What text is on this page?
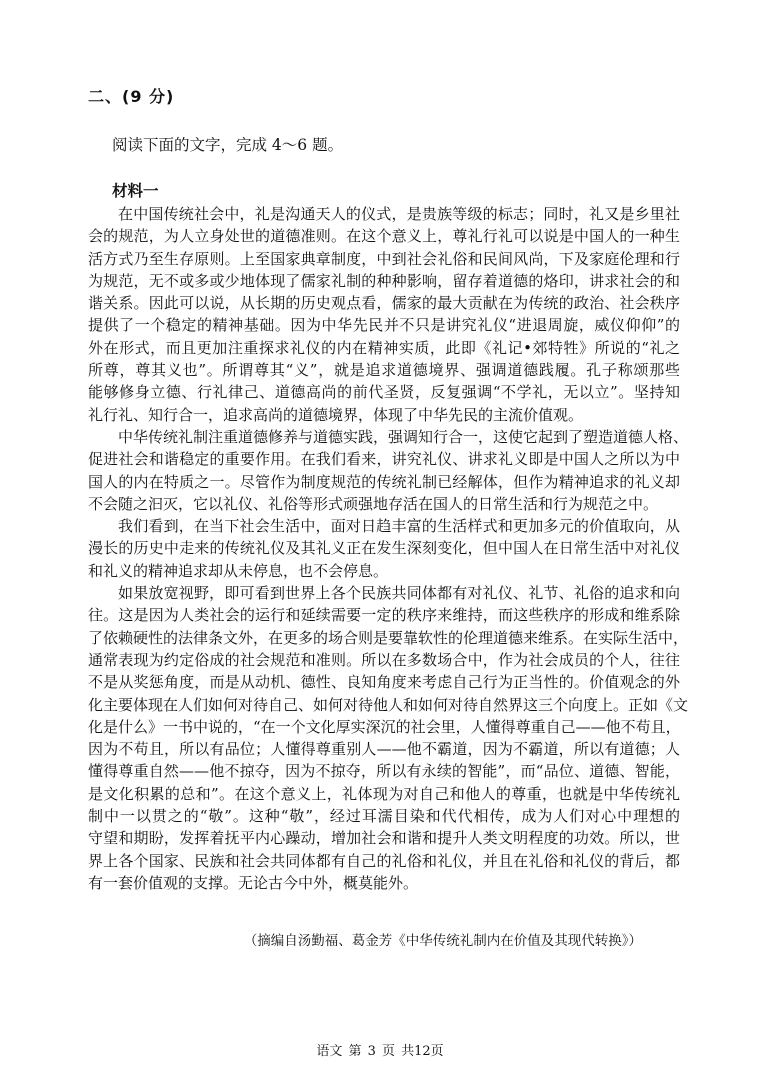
二、(9 分)
阅读下面的文字，完成 4～6 题。
材料一
在中国传统社会中，礼是沟通天人的仪式，是贵族等级的标志；同时，礼又是乡里社
会的规范，为人立身处世的道德准则。在这个意义上，尊礼行礼可以说是中国人的一种生
活方式乃至生存原则。上至国家典章制度，中到社会礼俗和民间风尚，下及家庭伦理和行
为规范，无不或多或少地体现了儒家礼制的种种影响，留存着道德的烙印，讲求社会的和
谐关系。因此可以说，从长期的历史观点看，儒家的最大贡献在为传统的政治、社会秩序
提供了一个稳定的精神基础。因为中华先民并不只是讲究礼仪“进退周旋，威仪仰仰”的
外在形式，而且更加注重探求礼仪的内在精神实质，此即《礼记•郊特牲》所说的“礼之
所尊，尊其义也”。所谓尊其“义”，就是追求道德境界、强调道德践履。孔子称颂那些
能够修身立德、行礼律己、道德高尚的前代圣贤，反复强调“不学礼，无以立”。坚持知
礼行礼、知行合一，追求高尚的道德境界，体现了中华先民的主流价值观。
中华传统礼制注重道德修养与道德实践，强调知行合一，这使它起到了塑造道德人格、
促进社会和谐稳定的重要作用。在我们看来，讲究礼仪、讲求礼义即是中国人之所以为中
国人的内在特质之一。尽管作为制度规范的传统礼制已经解体，但作为精神追求的礼义却
不会随之汩灭，它以礼仪、礼俗等形式顽强地存活在国人的日常生活和行为规范之中。
我们看到，在当下社会生活中，面对日趋丰富的生活样式和更加多元的价值取向，从
漫长的历史中走来的传统礼仪及其礼义正在发生深刻变化，但中国人在日常生活中对礼仪
和礼义的精神追求却从未停息，也不会停息。
如果放宽视野，即可看到世界上各个民族共同体都有对礼仪、礼节、礼俗的追求和向
往。这是因为人类社会的运行和延续需要一定的秩序来维持，而这些秩序的形成和维系除
了依赖硬性的法律条文外，在更多的场合则是要靠软性的伦理道德来维系。在实际生活中，
通常表现为约定俗成的社会规范和准则。所以在多数场合中，作为社会成员的个人，往往
不是从奖惩角度，而是从动机、德性、良知角度来考虑自己行为正当性的。价值观念的外
化主要体现在人们如何对待自己、如何对待他人和如何对待自然界这三个向度上。正如《文
化是什么》一书中说的，“在一个文化厚实深沉的社会里，人懂得尊重自己——他不苟且，
因为不苟且，所以有品位；人懂得尊重别人——他不霸道，因为不霸道，所以有道德；人
懂得尊重自然——他不掠夺，因为不掠夺，所以有永续的智能”，而“品位、道德、智能，
是文化积累的总和”。在这个意义上，礼体现为对自己和他人的尊重，也就是中华传统礼
制中一以贯之的“敬”。这种“敬”，经过耳濡目染和代代相传，成为人们对心中理想的
守望和期盼，发挥着抚平内心躁动，增加社会和谐和提升人类文明程度的功效。所以，世
界上各个国家、民族和社会共同体都有自己的礼俗和礼仪，并且在礼俗和礼仪的背后，都
有一套价值观的支撑。无论古今中外，概莫能外。
（摘编自汤勤福、葛金芳《中华传统礼制内在价值及其现代转换》）
语文 第 3 页 共12页
